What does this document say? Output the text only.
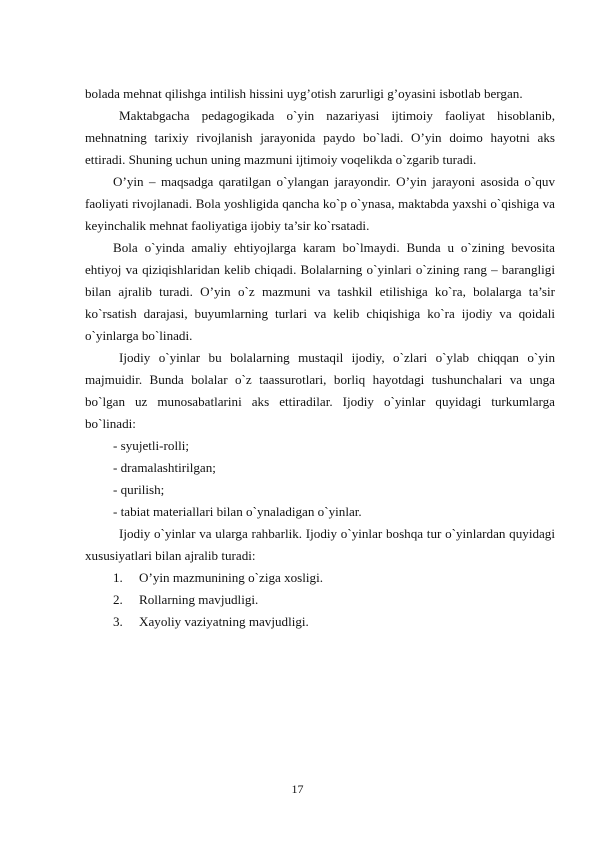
bolada mehnat qilishga intilish hissini uyg’otish zarurligi g’oyasini isbotlab bergan.

Maktabgacha pedagogikada o`yin nazariyasi ijtimoiy faoliyat hisoblanib, mehnatning tarixiy rivojlanish jarayonida paydo bo`ladi. O’yin doimo hayotni aks ettiradi. Shuning uchun uning mazmuni ijtimoiy voqelikda o`zgarib turadi.

O’yin – maqsadga qaratilgan o`ylangan jarayondir. O’yin jarayoni asosida o`quv faoliyati rivojlanadi. Bola yoshligida qancha ko`p o`ynasa, maktabda yaxshi o`qishiga va keyinchalik mehnat faoliyatiga ijobiy ta’sir ko`rsatadi.

Bola o`yinda amaliy ehtiyojlarga karam bo`lmaydi. Bunda u o`zining bevosita ehtiyoj va qiziqishlaridan kelib chiqadi. Bolalarning o`yinlari o`zining rang – barangligi bilan ajralib turadi. O’yin o`z mazmuni va tashkil etilishiga ko`ra, bolalarga ta’sir ko`rsatish darajasi, buyumlarning turlari va kelib chiqishiga ko`ra ijodiy va qoidali o`yinlarga bo`linadi.

Ijodiy o`yinlar bu bolalarning mustaqil ijodiy, o`zlari o`ylab chiqqan o`yin majmuidir. Bunda bolalar o`z taassurotlari, borliq hayotdagi tushunchalari va unga bo`lgan uz munosabatlarini aks ettiradilar. Ijodiy o`yinlar quyidagi turkumlarga bo`linadi:

- syujetli-rolli;

- dramalashtirilgan;

- qurilish;

- tabiat materiallari bilan o`ynaladigan o`yinlar.

Ijodiy o`yinlar va ularga rahbarlik. Ijodiy o`yinlar boshqa tur o`yinlardan quyidagi xususiyatlari bilan ajralib turadi:

1.	O’yin mazmunining o`ziga xosligi.
2.	Rollarning mavjudligi.
3.	Xayoliy vaziyatning mavjudligi.
17
